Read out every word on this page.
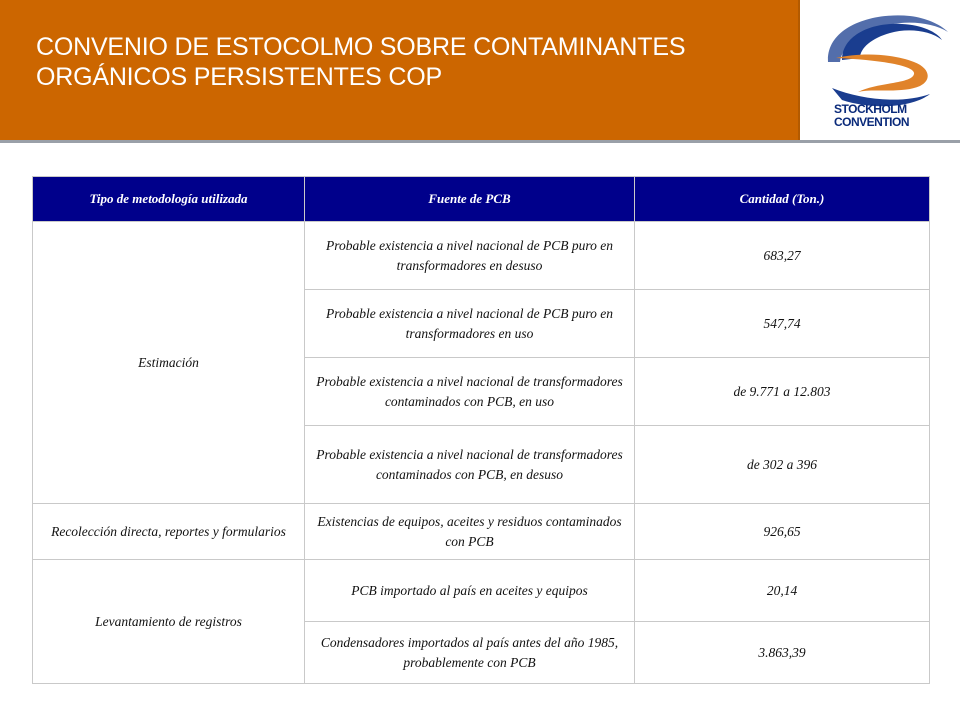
CONVENIO DE ESTOCOLMO SOBRE CONTAMINANTES
ORGÁNICOS PERSISTENTES COP
STOCKHOLM
CONVENTION
Tipo de metodología utilizada	Fuente de PCB	Cantidad (Ton.)
Estimación	Probable existencia a nivel nacional de PCB puro en transformadores en desuso	683,27
	Probable existencia a nivel nacional de PCB puro en transformadores en uso	547,74
	Probable existencia a nivel nacional de transformadores contaminados con PCB, en uso	de 9.771 a 12.803
	Probable existencia a nivel nacional de transformadores contaminados con PCB, en desuso	de 302 a 396
Recolección directa, reportes y formularios	Existencias de equipos, aceites y residuos contaminados con PCB	926,65
Levantamiento de registros	PCB importado al país en aceites y equipos	20,14
	Condensadores importados al país antes del año 1985, probablemente con PCB	3.863,39
